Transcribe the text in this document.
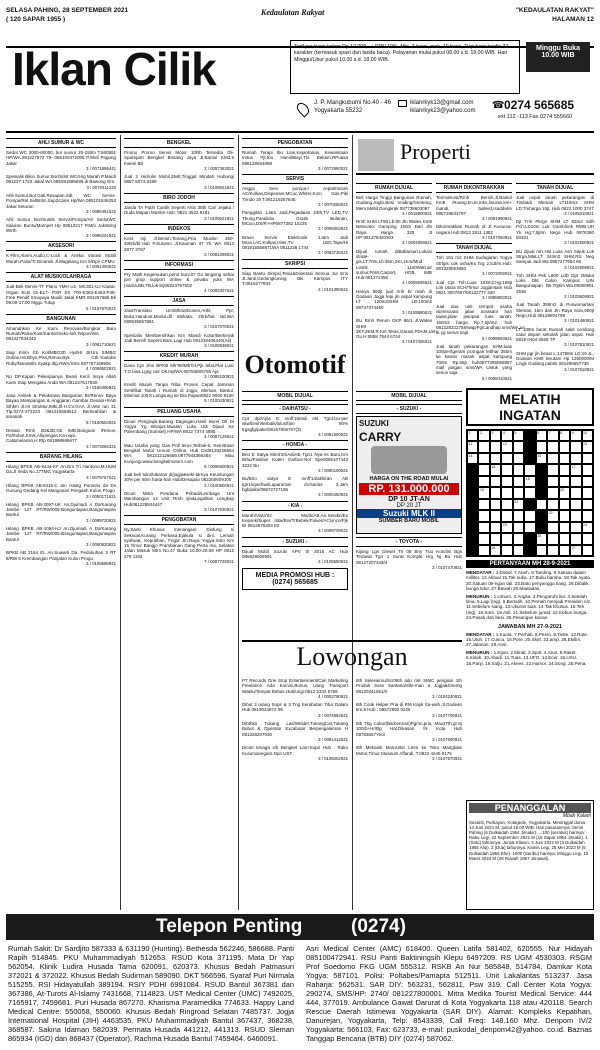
SELASA PAHING, 28 SEPTEMBER 2021
( 120 SAPAR 1955 )
Kedaulatan Rakyat	"KEDAULATAN RAKYAT"
HALAMAN 12
Iklan Cilik	Tarif per baris kolom Rp.12.000,- + PPN 10%. Min. 3 baris, mak. 10 baris. Tiap baris terdiri 32 karakter (termasuk spasi dan tanda baca). Pelayanan mulai pukul 08.00 s.d. 19.00 WIB. Hari Minggu/Libur pukul 10.00 s.d. 18.00 WIB.
Minggu Buka 10.00 WIB
J. P. Mangkubumi No.40 - 46
Yogyakarta 55232
iklanrkyk13@gmail.com
iklanrkyk23@yahoo.com ☎ 0274 565685
ext.112 -113 Fax.0274 555660
AHLI SUMUR & WC
Sedot WC 3000-60000, bor sumur 20-150m T.560591 HP/WA.081227572 79- 085100472005 P.Widi Pogung Jakal
3 / 0071896441
Spesialis Bikin Sumur Bor/Sdot WC/Hrg Murah P.Mardi 081227 1723 Jakal WA 085291886699 di Bawong Grs
3 / 0070311220
Ahli-Sumur,Bor,Gali,Resapan,Sdt WC Servis-Pompa/Rel,SelBnbn,Sup24Jam Hp/WA.085101846253 Jakal Seturan
3 / 0086461522
Ahli Sumur Bor/Suntik Servis/Pompa/Air SedotWC Saluran Buntu/Mampet Hp 08510217 P.Mm Joksteng Wirth
3 / 0096201921
AKSESORI
K-Film,Alarm,Audio,C-Lock & Aneka Variasi Mobil Murah-Pasir/Tr Dinamik Jl.Magelang Km 5/Dpn CPMU
3 / 0061400621
ALAT MUSIK/OLAHRAGA
Jual-Beli-Servis-TT Piano YMH U1- MC301-UJ Kawai-Organ ELB 01-EL7- PSR SX 700-E363-E463-P45-Free Pendif Smayaya Musik Jakal KMR 081267688 Bk 09.00-17.00 Mggu Tutup
5 / 0107670021
BANGUNAN
Amanahkan Ke Kami Renovasi/Bongkar Baru Rumah/Ruko/Kost/Kantor/Seko-lah.Telpon/WA 081327834343
3 / 0061710621
Siap Kirim Gb Kol/MBG3D HydHr JtrUrs SIMBG Online,Hit.Bhyn,Plss,Renov,Byk Cth.Youtube Ruby/Nanatelis Syakp dtg.HWA/Sms 087787169906
4 / 0099502921
No DP,Kapan Pekerjaanya Beasi Kecil Insya Allah Kami Siap Mengaku Anda WA.081227617830
3 / 0150406921
Jasa Arsitek & Pelaksana Bangunan Br/Renov Baya Bayaa Mampangan & Anggaran Gambar Desain+RAB Sthkm Jl.Ht Struktur,IMB,Jll.H.CV.GAA Jl.Vete ran 31 Tlp.0274-373223 081215558512 Berkeahlian & amanah
8 / 0100604821
Desain Rmh 2D&3D,Gb IMB,Banguan /Renov, Ps/Robot,Kmik,Alkpimgan,Ka-nopi, Cat&melamin,H.Rtp 081998696677
3 / 0073066321
BARANG HILANG
Hilang BPKB AB-5444-KF An.Drs Tri Hantono,M.HUM Da.Jl Ireda No.17TMG Yogyakarta
3 / 0079767521
Hilang BPKB AB-8115-C a/n Hastg Purwoto da Ds Gunung Gedang Kel Mangosari Pengaah Kulon Progo
3 / 0050171621
Hilang BPKB AB-2097-UK An.Djumadi A Ds/Karang Jambe 127 RT/RW/005-Banguntapan,Banguntapan Bantul
3 / 0089720921
Hilang BPKB AB-1094-HJ An.Djumadi A Ds/Karang Jambe 127 RT/RW/005-Banguntapan,Banguntapan Bantul
3 / 0090620921
BPKB AB 2164 EL An.Suwarti Da. Pedukuhan 3 RT 8/RW 5 Krembangan Panjatan Kulon Progo.
3 / 0108595921
BENGKEL
Promo Promo Servis Motor 10Rb Tersedia Oli-Sparepart Bengkel Bintang Jaya Jl.Bantul KM3,5 Kweni Btl
3 / 0097363021
Jual 2 Hidrolis Mobil,25slt,Tinggal Mindah Hubungi 0857.5074.9189
3 / 0108021921
BIRO JODOH
Janda TA Putih Cantik Seperti Artis 38th Cari Jejaka / Duda Mapan Muslim Hub: 0821 3522 9181
3 / 0109221921
INDEKOS
Kost Inji Jl.Bersih,Tenang,Pria Muslim 350-400rb/bl.Hub P.Sutomo Jl.Kauman 37 Yk WA 0813 2877 3787
3 / 0081099021
INFORMASI
Pry Math Kegemukan,perut buncit? Go langsing sehat join grup support online & privata yuks WA (nama,BB,TB,lok-bi)08223767502
4 / 0082307621
JASA
JasaTranslasi Um/Mhsw/Dosen,Artkl, Ppr, Buku,Handout,Modul,dll 65/kata, 20rb/hal std.WA 089635557881
3 / 0107070021
Spesialis Membersihkan Km Mandi Kotor/Berkerak Jadi Bersih Seperti Baru Lagi Hub 081232406340(Ali)
3 / 0109636621
KREDIT MURAH
Dana Cpt Jmn BPKB Mtr'90/Mb'04,Pjk telat,Plat Luar T.O.bisa Lgsg cair Ok.Hp/WA.08783809766 Aje
3 / 0085100921
Kredit Murah Tanpa Riba Proses Cepat Jaminan Sertifikat Tanah / Rumah di Jogja, Sleman, Bantul, Minimal 100Jt Langsung ke Dia Papan0822 9000 9100
5 / 0100430921
PELUANG USAHA
Dicari Pengrajin,Barang Dagingan,Hasil Bumi Dll Di Yogya Yg Bisajus.Muatan Luku Utk Dijual Ke Palembang (Sumsel) HP/WA 0812 7374 4985
4 / 0087129621
Mau Usaha yang Gas Poll terus,Terbuk-ti, Kemitraan Bengkel Motor Umum Online, Hub Cs08128228664 WA: 081212126666,0877944366464 Mau Kunjungi:www.bengkelmotors.com
5 / 0096600921
Jual beli toko/tukaran di/jogja&seki-tarnya Keuntungan 30% per 60m harta-hari Hub/Desapan 082260609100
3 / 0100500921
Dicari Mitra Pendana Pribadi/Lembaga Unt Membangun 14 Unit Rmh Ijin&Legalitas Lengkap Hub081228844447
3 / 0107630921
PENGOBATAN
Ny.Santi Khusus menangani: Disfung si Seksual,Kurang Perkasa,Ejakula si dini. Lemah syahwat, Keputihan, Frigid Jln.Raya Yogya-Solo Km 15 Timur Bangjo Prambanan Gang Perta ma, Selatan Jalan Masuk 50m No.47 Buka 10.00-20.00 HP 0812 278 1193
7 / 0087729021
PENGOBATAN
Rumah Terapi Ibu Lian,Kejantanan, Kewanitaan Imtus Pjt.Ibu Hamil/Bayi,Tlo Bekam,RPuasa 085128654898
3 / 0072990021
SERVIS
Anggo Serv pompa-/ cepat/murah AC/Kulkas,Dispenser,MCuc,Whiter,Kom Gas,Piki Trindo 19 T.081219257645
3 / 0070250021
Panggilan 1Jam Jadi,Pegadaian 23th,TV LED,TV Tbung,Parabola Gratis Bulanan, MCuci,DS/R+HP0877382 15225
3 / 0099303921
Bravo Servis Elektronik 1Jam Jadi Mcuci,AC,Kulkas,Hiter,TV LED,Tape/Hi 081915558871WA 0811235 1744
3 / 0093736021
SKRIPSI
Siap Bantu Skripsi,Tesis&Disertasi Semua Jur Eris Jl.Janti,Gedongkuning Bki Kampus ITY T.0816277833
3 / 0101390621
Properti
RUMAH DIJUAL
Beli Harga Tinggi Bangunan Rumah, Gudang,Joglo,Besi Voiding/Genteng, Mem,Mebil Dongkrak 087738603097
3 / 0015800921
Rmh SHM LT98 Lb:80 Jln Wates Km9 Belecator Gamping 150m Dari Jln Raya Harga 325 Jt HP:081378420303
3 / 0004909621
Dijual rumah diBabarsari,Lokasi strate-gis,LT:70m,Lb:35m,2Kt,1Km/Mnd Listrik 1100Watt,air sumur,PAM,Carport, HGB, IMB Hub:081272356
4 / 0005505621
Hanya 550jt jual rmh br mwh di Godean Jogja tepi jln aspal kampung LT 120m2SHM LB:100m2 08737374450
3 / 0108990621
BU Rmh Perum GKP 86/1 Jl.Wates SHM 3KT,2KM,R.Kel,Teras,Garasi,PDAM,LW-Gu.H:0858 7544 6744
3 / 0107406021
RUMAH DIKONTRAKKAN
TerimaKost/Rmh Bersih,Jl.Bantul Km9 /Ruang,tm,kt,mkn,linuran,km+ mandi, ballerd,Isaddwlin 085728633797
3 / 0081900921
Dikontrakkan Rumah di Jl Kusuma-negara.Hub:0813 2811 1382
3 / 0107050921
TANAH DIJUAL
Tnh 161 m2 SHM Sudagaran Yogya Strtgis cok usha/Ks hrg 2,5Jt/m.Hub: 081328053860
3 / 0072009021
Jual Cpt Tnh,Luas 103m2,Hg:169jt Lok Utara SCH/Timur Jogjamtam Hub 0821 3007697/08132777 330
3 / 0088803021
Jual dua unit tempat usaha isi/renovasi jalan aorasan/ hari tawar,jalan pwopaa luas tanah: 150m2 harga Rp.7,5jt/m2. hub 081228222758/wap/Fg/Landhap.sms/WA.un tk yg serius saja
5 / 0099603621
Jual tanah pekarangan SHM,luas 100per/tgeram pcsngan lebhar 350m ke kanan masuk aspal kampung 700m Rp.65jt hub0877286055867 mail jangan sms/WA Untuk yang serius saja
5 / 0098410621
TANAH DIJUAL
Jual cepat tanah pekarangan di Timbadi Sleman LT119m2 SHM LD:7mharga 15jt, Hub 0822 1000 3747
3 / 0105010921
Djl Tnh Pkrgn SHM LT 83m2 Sdh Pch,LD10m Lok Gamblirek RWB.UH Yk Hg:7,5jt/m Nego Hub 0878380 60201
3 / 0102500921
BU dijual rnh Hst Luas Asri Sejuk Lok Strga,Mlat,LT 344m2 SHM,Rtc Neg Sampai Jadi Wa 0857277654 80
3 / 0102609921
Tnh SHM Pek L800 LdD Dpt 2Muka Loks Dkt Calon Kampus UIN Banguntapan Bti.70jt/m.Wa.08080991 2636
3 / 0103609921
Jual Tanah 359m2 di Purwomartani Sleman, 1km dari Jln Raya Solo,900jt Nego,Hub 08128604799
3 / 0101460921
LT 109m barat Rumah sakit condong catur depan sekolah jalan aspal. Hub 0819 0404 0555 TP
3 / 0107810921
SHM pgr jln besar L:14788m LD:19 JL. Godean KM9 lesutam Hp 1250000/M Lingk Gudang pabrik 081296557739
3 / 0107610921
Otomotif
MOBIL DIJUAL
- DAIHATSU -
Cpt dpt/Ayla E mnfl'15/asli AB Tgn1/su-per istw/brsih/terbaik/lulus/fam 90% trgsgfg/pake/08157806767(3)
3 / 0081500921
- HONDA -
Brio E Satya Merit'20/AsliAB Tgn1 Nya-ris Baru,Km Brbu/Fasilasi Kuten Garbus-Nol Spe0085107443 3222 Bu
3 / 0090100921
Bu/Brio satya E mnfl'14/akhiran AB tgn1/eperfasi/Laparumat civ/sarias 2,Jam hgbpake/08572727185
3 / 0000450921
- KIA -
Murah/Vista'02 Marik/AB,An.Sendiri/Ex Kepsek/Super Istw/Brs/TrBebek/Fulver/AC/ynco/Pjk Br 0812576303 02
3 / 0009709021
- SUZUKI -
Dijual Mobil Suzuki APV th 2016 AC Hub 085829006991
3 / 0105550621
MEDIA PROMOSI HUB : (0274) 565685
MOBIL DIJUAL
- SUZUKI -
SUZUKI
CARRY
HARGA ON THE ROAD MULAI
RP. 131.000.000
DP 10 JT-AN
DP 20 JT
Suzuki MLK II
SUMBER BARU MOBIL
- TOYOTA -
Kijang Lgs Diesel Th 08 Bny Tuu Kondisi Bgs Terawat Tgn 1 Surat Komplit Hrg Nj Bu Hub 08127207343/4
3 / 0107470921
MELATIH INGATAN
1	2	3	4	5	6	7	8	9	10
11	12	13
14	15
16	17
18
19	20
21
22
23	24
25
26	27
PERTANYAAN MH 28-9-2021
MENDATAR : 1.Dobel. 7.Aneh. 8.Tanding. 9.Satuan dalam milliter. 12.Aktual 15.Tak suka. 17.Buku bambu. 18.Tak nyata. 20.Satuan de-ngan tali. 23.Batu penyangga tiang. 26.Dibalik : bunga tidur. 27.Bawah 28.Mawadas.
MENURUN : 1.Umum. 2.Angka. 3.Pengaruhi liut. 4.Setelah lima. 5.Lagi (Ing). 6.Bertatih. 10.Pemah menjadi Presiden AS. 11.Sebelum siang. 13.Ukuran luas. 14.Tak khusus. 16.Teh (Ing). 18.Sore. 19.Asli. 21.Sebelum jumat. 22.Kebun bunga. 24.Pasak dari besi. 25.Pesangan kanan.
JAWABAN MH 27-9-2021
MENDATAR : 1.Kuota. 7.Perhati. 8.Pesro. 9.Taste. 12.Rute. 15.Utuh. 17.Cusca. 18.Pore. 20.Skirt. 23.amp. 26.Ekslm. 27.Jalanan. 28.Ansi.
MENURUN : 1.Kiper. 2.Minat. 3.Spot. 4.Arus. 5.Raket. 6.Kisah. 10.Abadi. 11.Tuas. 13.UFO. 14.Ecer. 16.USU. 18.Panji. 19.Sulju. 21.Akees. 22.Humor. 24.Song. 25.Pena.
Lowongan
PT Records One Stop Entertainment/Cari Marketing Freelance Ada Komisi,Bonus, Uang Transport Waktu/Tempat Bebas Hub/ungi:0812 2333 5758
4 / 0002790921
Dibut 3 orang Supir & 3 Tng Serabutan Tdur Dalam Hub 0819024872 08
3 / 0074954621
Dibthkn Tukang Las/Welder,TukangCat,Tukang Bubut & Operator Excabator Berpengalaman H 081328207030
3 / 0081412621
Dicari tenaga s/k Bengkel Las+Supir Hub : Rako Kusumanegara Dpn UST.
3 / 0105002921
8th Selesairsu/Sc/06th ado mtr SIMC pengisin 1th Produk Sass Santana/Slle-man a Jogja&Siremg 08120341651/0
3 / 0104240921
8th Cook Helper Pria di RM Kapk Sa-wah Jl.Godean kre.8 Hub : 08572992 0225
3 / 0107706921
8th Tkg Cukur(Barberman)Pgmn,pria, Max37th,gr.Sj 100rb+Hr/Bg Hal,Dikasan Yk Kota Hub 08783657Yeol
3 / 0107600921
8th Mekanik Motor,Bsr Lmm ke Toko Mangkale Motor,Timur Museum Affandi, T.0822 4245 0175
3 / 0107670921
PENANGGALAN
Mbah Kalam
Susanti, Purbayan, Kotagede, Yogyakarta. Meninggal dunia: 14 Juni 2021 M, pukul 18.00 WIB. Hari pasaran/nya: Senin Pahing (6 Dulkaidah 1954 Jimakir). ...100 (seratus) harinya: Rabu Legi, 22 September 2021 M (16 Sapar 1954 Jimakir). 1 (Satu) tahunnya: Jumat Kliwon, 3 Juni 2022 M (3 Dulkaidah 1955 Alip). 2 (Dua) tahunnya: Kamis Legi, 25 Mei 2023 M (5 Dulkaidah 1956 Ehe). 1000 (Seribu) harinya: Minggu Legi, 10 Maret 2024 M (28 Ruwah 1957 Jimawal).
Telepon Penting	(0274)
Rumah Sakit: Dr Sardjito 587333 & 631190 (Hunting). Bethesda 562246, 586688. Panti Rapih 514845. PKU Muhammadiyah 512653. RSUD Kota 371195. Mata Dr Yap 562054. Klinik Ludira Husada Tama 620091, 620373. Khusus Bedah Patmasuri 372021 & 372022. Khusus Bedah Sudirman 589090. DKT 566596. Syaraf Puri Nirmala 515255. RSI Hidayatullah 389194. RSIY PDHI 6991084. RSUD Bantul 367381 dan 367386, At-Turots Al-Islamy 7431668, 7114823. UST Medical Center (UMC) 7492025, 7165917, 7459681. Puri Husada 867270. Kharisma Paramedika 774633. Happy Land Medical Centre: 550058, 550060. Khusus Bedah Ringroad Selatan 7485737. Jogja International Hospital (JIH) 4463535. PKU Muhammadiyah Bantul 367437, 368238, 368587. Sakina Idaman 582039. Permata Husada 441212, 441313. RSUD Sleman 865934 (IGD) dan 868437 (Operator), Rachma Husada Bantul 7459464. 6460091.
Asri Medical Center (AMC) 618400. Queen Latifa 581402, 620555. Nur Hidayah 085100472941. RSU Panti Baktiningsih Klepu 6497209. RS UGM 4530303. RSGM Prof Soedomo FKG UGM 555312. RSKB An Nur 585848, 514784. Damkar Kota Yogya: 587101. Polisi: Poltabes/Pamapta 512511. Unit Lakalantas 513237. Jasa Raharja: 562531. SAR DIY: 563231, 562811, Psw 319. Call Center Kota Yogya: 290274, SMS/HP: 2740/ 081227800001. Mitra Medika Tourist Medical Service: 444 444, 377019. Ambulance Gawat Darurat di Kota Yogyakarta 118 atau 420118. Search Rescue Daerah Istimewa Yogyakarta (SAR DIY). Alamat: Kompleks Kepatihan, Danurejan, Yogyakarta, Telp: 8543339, Call Freq: 148.160 Mhz. Denpom IV/2 Yogyakarta: 566103, Fax: 623733, e-mail: puskodal_denpom42@yahoo. co.id. Baznas Tanggap Bencana (BTB) DIY (0274) 587062.
